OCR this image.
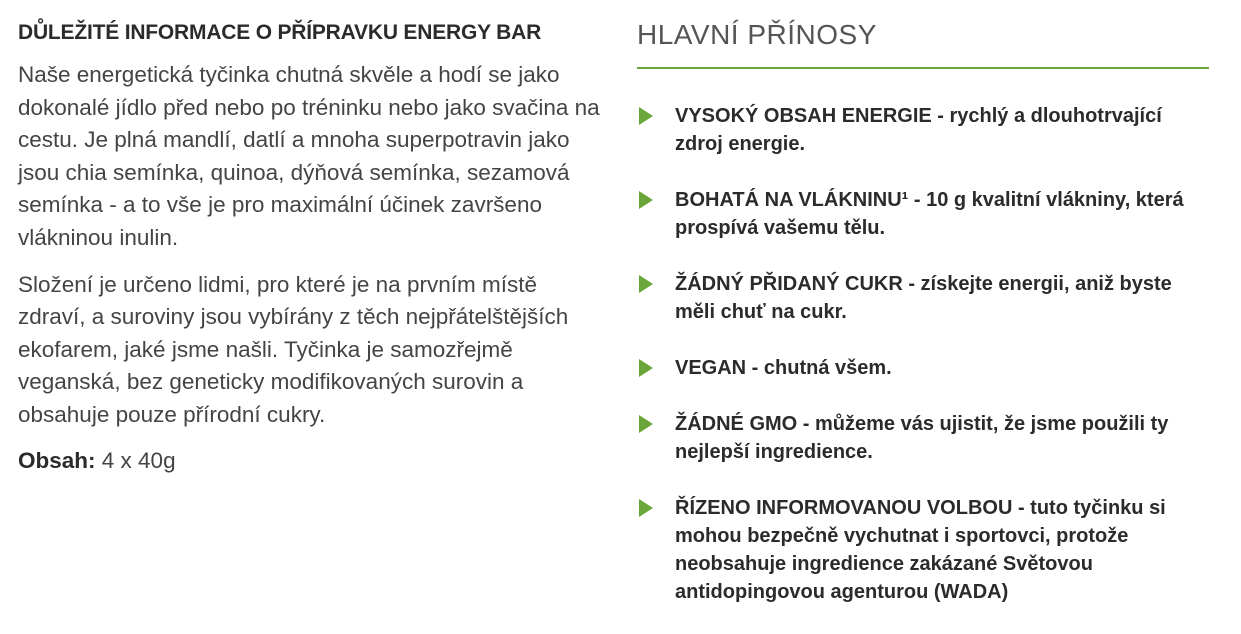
DŮLEŽITÉ INFORMACE O PŘÍPRAVKU ENERGY BAR

Naše energetická tyčinka chutná skvěle a hodí se jako dokonalé jídlo před nebo po tréninku nebo jako svačina na cestu. Je plná mandlí, datlí a mnoha superpotravin jako jsou chia semínka, quinoa, dýňová semínka, sezamová semínka - a to vše je pro maximální účinek završeno vlákninou inulin.

Složení je určeno lidmi, pro které je na prvním místě zdraví, a suroviny jsou vybírány z těch nejpřátelštějších ekofarem, jaké jsme našli. Tyčinka je samozřejmě veganská, bez geneticky modifikovaných surovin a obsahuje pouze přírodní cukry.

Obsah: 4 x 40g
HLAVNÍ PŘÍNOSY
VYSOKÝ OBSAH ENERGIE - rychlý a dlouhotrvající zdroj energie.
BOHATÁ NA VLÁKNINU¹ - 10 g kvalitní vlákniny, která prospívá vašemu tělu.
ŽÁDNÝ PŘIDANÝ CUKR - získejte energii, aniž byste měli chuť na cukr.
VEGAN - chutná všem.
ŽÁDNÉ GMO - můžeme vás ujistit, že jsme použili ty nejlepší ingredience.
ŘÍZENO INFORMOVANOU VOLBOU - tuto tyčinku si mohou bezpečně vychutnat i sportovci, protože neobsahuje ingredience zakázané Světovou antidopingovou agenturou (WADA)
